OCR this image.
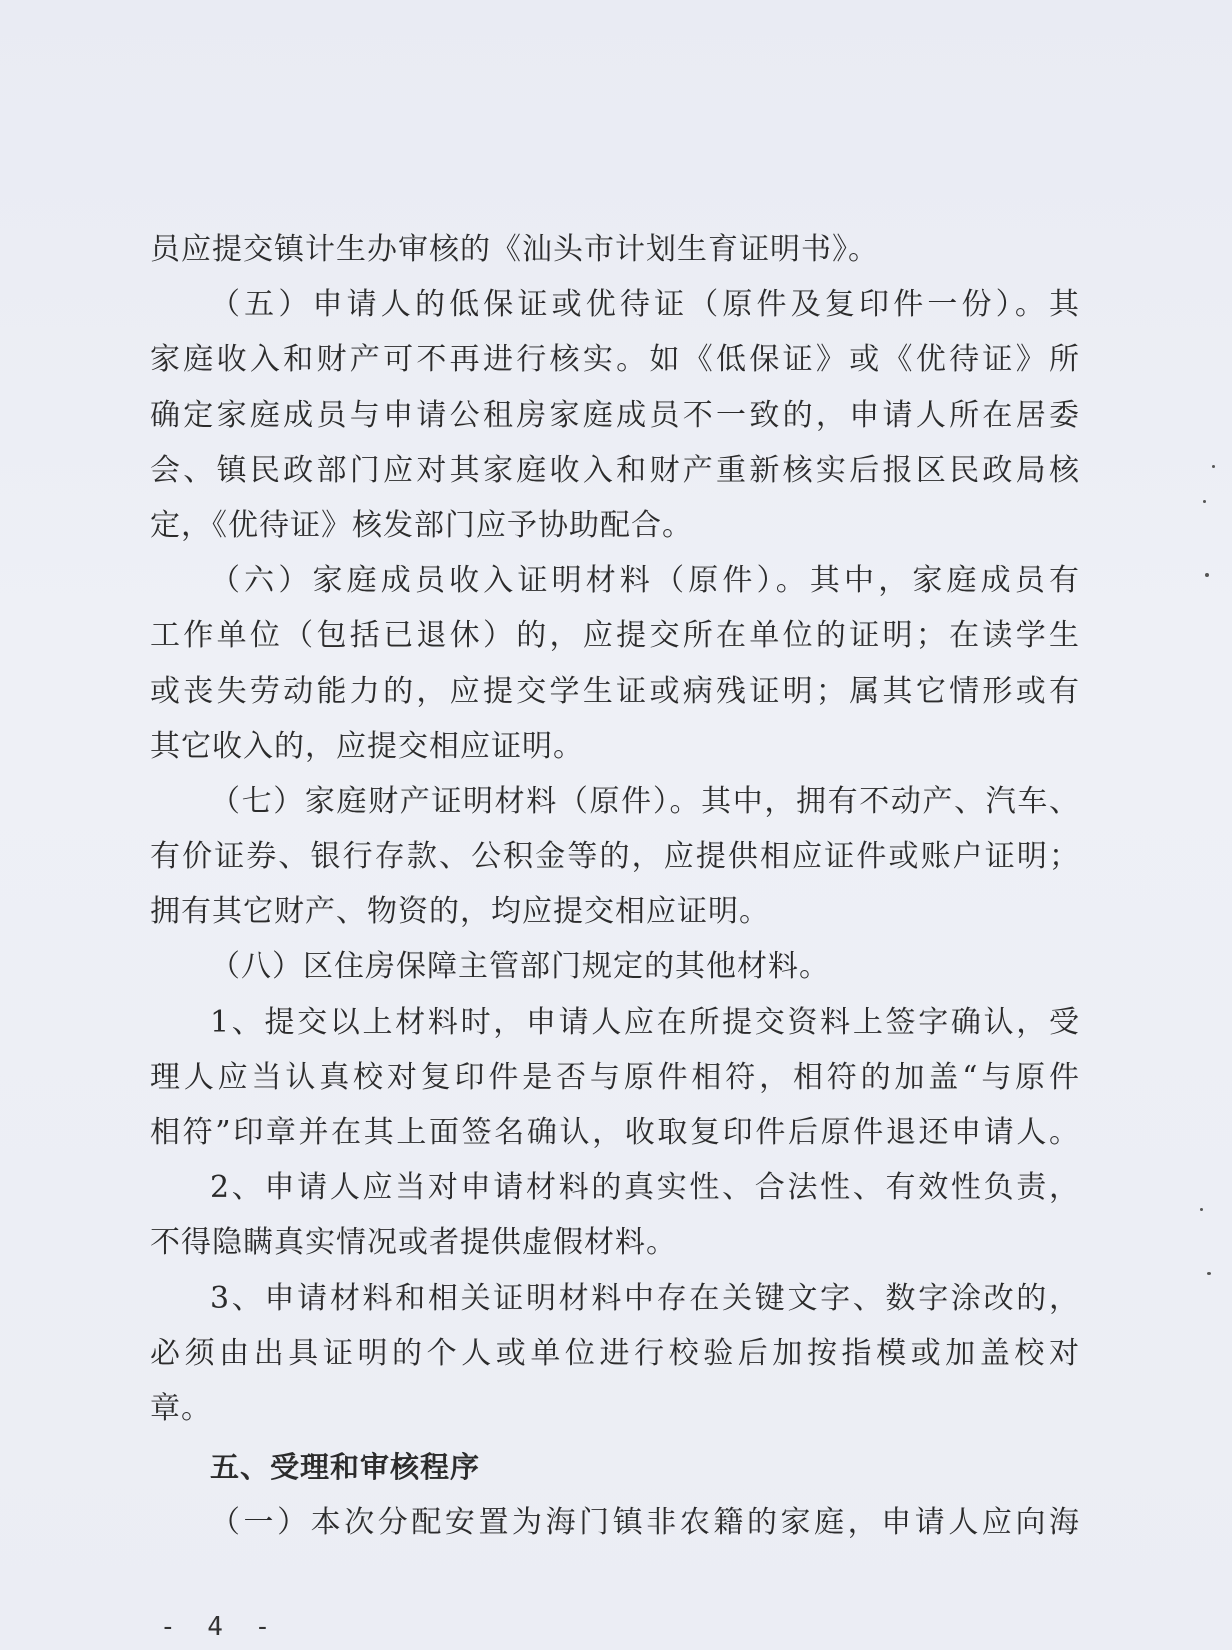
员应提交镇计生办审核的《汕头市计划生育证明书》。
（五）申请人的低保证或优待证（原件及复印件一份）。其
家庭收入和财产可不再进行核实。如《低保证》或《优待证》所
确定家庭成员与申请公租房家庭成员不一致的，申请人所在居委
会、镇民政部门应对其家庭收入和财产重新核实后报区民政局核
定，《优待证》核发部门应予协助配合。
（六）家庭成员收入证明材料（原件）。其中，家庭成员有
工作单位（包括已退休）的，应提交所在单位的证明；在读学生
或丧失劳动能力的，应提交学生证或病残证明；属其它情形或有
其它收入的，应提交相应证明。
（七）家庭财产证明材料（原件）。其中，拥有不动产、汽车、
有价证券、银行存款、公积金等的，应提供相应证件或账户证明；
拥有其它财产、物资的，均应提交相应证明。
（八）区住房保障主管部门规定的其他材料。
1、提交以上材料时，申请人应在所提交资料上签字确认，受
理人应当认真校对复印件是否与原件相符，相符的加盖“与原件
相符”印章并在其上面签名确认，收取复印件后原件退还申请人。
2、申请人应当对申请材料的真实性、合法性、有效性负责，
不得隐瞒真实情况或者提供虚假材料。
3、申请材料和相关证明材料中存在关键文字、数字涂改的，
必须由出具证明的个人或单位进行校验后加按指模或加盖校对
章。
五、受理和审核程序
（一）本次分配安置为海门镇非农籍的家庭，申请人应向海
- 4 -
